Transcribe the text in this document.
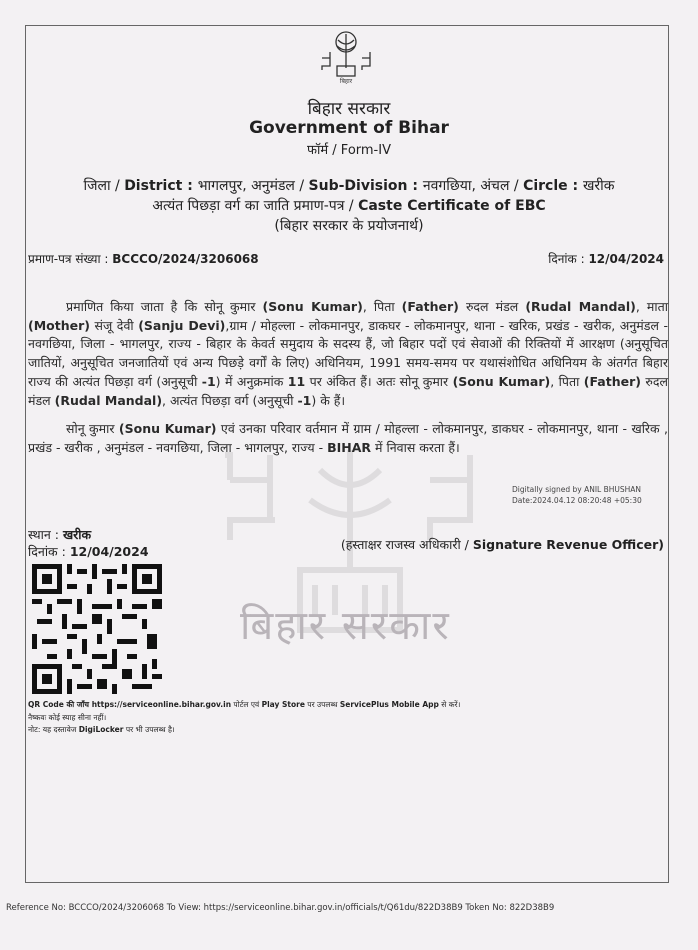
बिहार सरकार
बिहार
बिहार सरकार
Government of Bihar
फॉर्म / Form-IV
जिला / District : भागलपुर, अनुमंडल / Sub-Division : नवगछिया, अंचल / Circle : खरीक
अत्यंत पिछड़ा वर्ग का जाति प्रमाण-पत्र / Caste Certificate of EBC
(बिहार सरकार के प्रयोजनार्थ)
प्रमाण-पत्र संख्या : BCCCO/2024/3206068	दिनांक : 12/04/2024
प्रमाणित किया जाता है कि सोनू कुमार (Sonu Kumar), पिता (Father) रुदल मंडल (Rudal Mandal), माता (Mother) संजू देवी (Sanju Devi),ग्राम / मोहल्ला - लोकमानपुर, डाकघर - लोकमानपुर, थाना - खरिक, प्रखंड - खरीक, अनुमंडल - नवगछिया, जिला - भागलपुर, राज्य - बिहार के केवर्त समुदाय के सदस्य हैं, जो बिहार पदों एवं सेवाओं की रिक्तियों में आरक्षण (अनुसूचित जातियों, अनुसूचित जनजातियों एवं अन्य पिछड़े वर्गों के लिए) अधिनियम, 1991 समय-समय पर यथासंशोधित अधिनियम के अंतर्गत बिहार राज्य की अत्यंत पिछड़ा वर्ग (अनुसूची -1) में अनुक्रमांक 11 पर अंकित हैं। अतः सोनू कुमार (Sonu Kumar), पिता (Father) रुदल मंडल (Rudal Mandal), अत्यंत पिछड़ा वर्ग (अनुसूची -1) के हैं।
सोनू कुमार (Sonu Kumar) एवं उनका परिवार वर्तमान में ग्राम / मोहल्ला - लोकमानपुर, डाकघर - लोकमानपुर, थाना - खरिक , प्रखंड - खरीक , अनुमंडल - नवगछिया, जिला - भागलपुर, राज्य - BIHAR में निवास करता हैं।
Digitally signed by ANIL BHUSHAN
Date:2024.04.12 08:20:48 +05:30
स्थान : खरीक
दिनांक : 12/04/2024	(हस्ताक्षर राजस्व अधिकारी / Signature Revenue Officer)
QR Code की जाँच https://serviceonline.bihar.gov.in पोर्टल एवं Play Store पर उपलब्ध ServicePlus Mobile App से करें।
नैष्कवः कोई स्याह सीना नहीं।
नोट: यह दस्तावेज DigiLocker पर भी उपलब्ध है।
Reference No: BCCCO/2024/3206068 To View: https://serviceonline.bihar.gov.in/officials/t/Q61du/822D38B9 Token No: 822D38B9
